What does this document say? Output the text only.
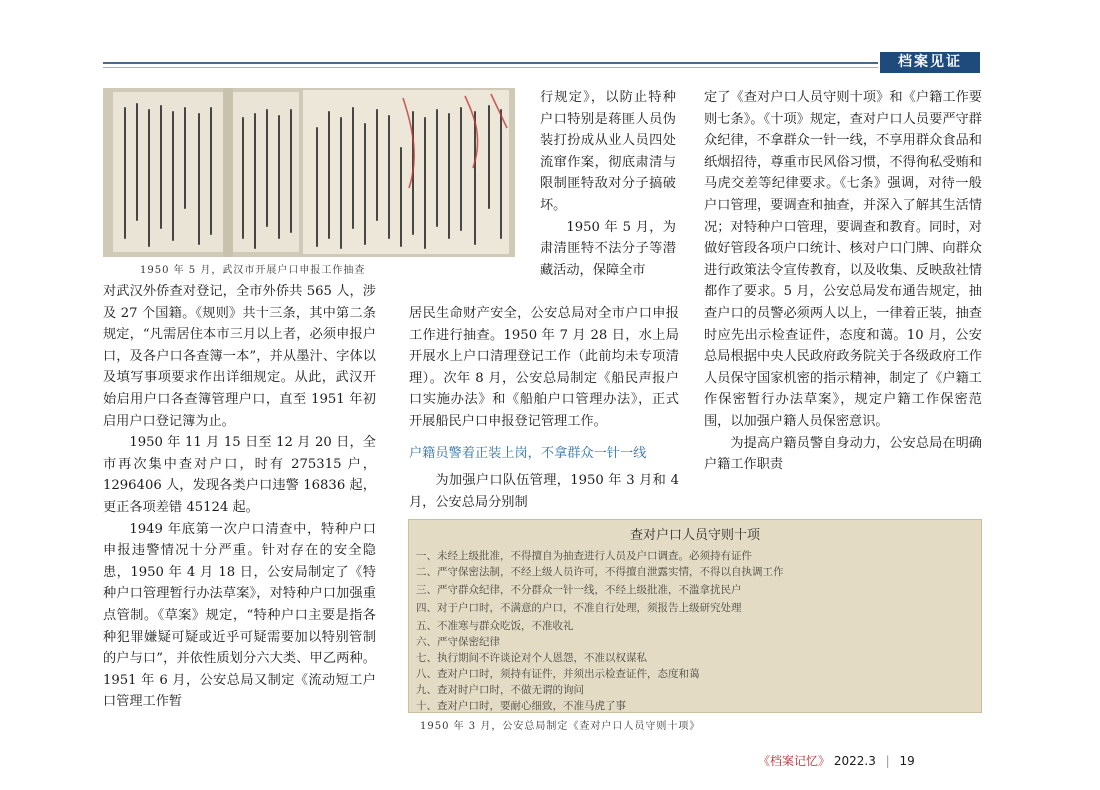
档案见证
1950 年 5 月，武汉市开展户口申报工作抽查

行规定》，以防止特种户口特别是蒋匪人员伪装打扮成从业人员四处流窜作案，彻底肃清与限制匪特敌对分子搞破坏。

1950 年 5 月，为肃清匪特不法分子等潜藏活动，保障全市

对武汉外侨查对登记，全市外侨共 565 人，涉及 27 个国籍。《规则》共十三条，其中第二条规定，“凡需居住本市三月以上者，必须申报户口，及各户口各查簿一本”，并从墨汁、字体以及填写事项要求作出详细规定。从此，武汉开始启用户口各查簿管理户口，直至 1951 年初启用户口登记簿为止。

1950 年 11 月 15 日至 12 月 20 日，全市再次集中查对户口，时有 275315 户，1296406 人，发现各类户口违警 16836 起，更正各项差错 45124 起。

1949 年底第一次户口清查中，特种户口申报违警情况十分严重。针对存在的安全隐患，1950 年 4 月 18 日，公安局制定了《特种户口管理暂行办法草案》，对特种户口加强重点管制。《草案》规定，“特种户口主要是指各种犯罪嫌疑可疑或近乎可疑需要加以特别管制的户与口”，并依性质划分六大类、甲乙两种。1951 年 6 月，公安总局又制定《流动短工户口管理工作暂

居民生命财产安全，公安总局对全市户口申报工作进行抽查。1950 年 7 月 28 日，水上局开展水上户口清理登记工作（此前均未专项清理）。次年 8 月，公安总局制定《船民声报户口实施办法》和《船舶户口管理办法》，正式开展船民户口申报登记管理工作。

户籍员警着正装上岗，不拿群众一针一线

为加强户口队伍管理，1950 年 3 月和 4 月，公安总局分别制

定了《查对户口人员守则十项》和《户籍工作要则七条》。《十项》规定，查对户口人员要严守群众纪律，不拿群众一针一线，不享用群众食品和纸烟招待，尊重市民风俗习惯，不得徇私受贿和马虎交差等纪律要求。《七条》强调，对待一般户口管理，要调查和抽查，并深入了解其生活情况；对特种户口管理，要调查和教育。同时，对做好管段各项户口统计、核对户口门牌、向群众进行政策法令宣传教育，以及收集、反映敌社情都作了要求。5 月，公安总局发布通告规定，抽查户口的员警必须两人以上，一律着正装，抽查时应先出示检查证件，态度和蔼。10 月，公安总局根据中央人民政府政务院关于各级政府工作人员保守国家机密的指示精神，制定了《户籍工作保密暂行办法草案》，规定户籍工作保密范围，以加强户籍人员保密意识。

为提高户籍员警自身动力，公安总局在明确户籍工作职责

查对户口人员守则十项
一、未经上级批准，不得擅自为抽查进行人员及户口调查。必须持有证件
二、严守保密法制，不经上级人员许可，不得擅自泄露实情，不得以自执调工作
三、严守群众纪律，不分群众一针一线，不经上级批准，不滥拿扰民户
四、对于户口时，不满意的户口，不准自行处理，须报告上级研究处理
五、不准寒与群众吃饭，不准收礼
六、严守保密纪律
七、执行期间不许谈论对个人恩怨，不准以权谋私
八、查对户口时，须持有证件，并须出示检查证件，态度和蔼
九、查对时户口时，不做无谓的询问
十、查对户口时，要耐心细致，不准马虎了事
1950 年 3 月，公安总局制定《查对户口人员守则十项》
《档案记忆》 2022.3 | 19
